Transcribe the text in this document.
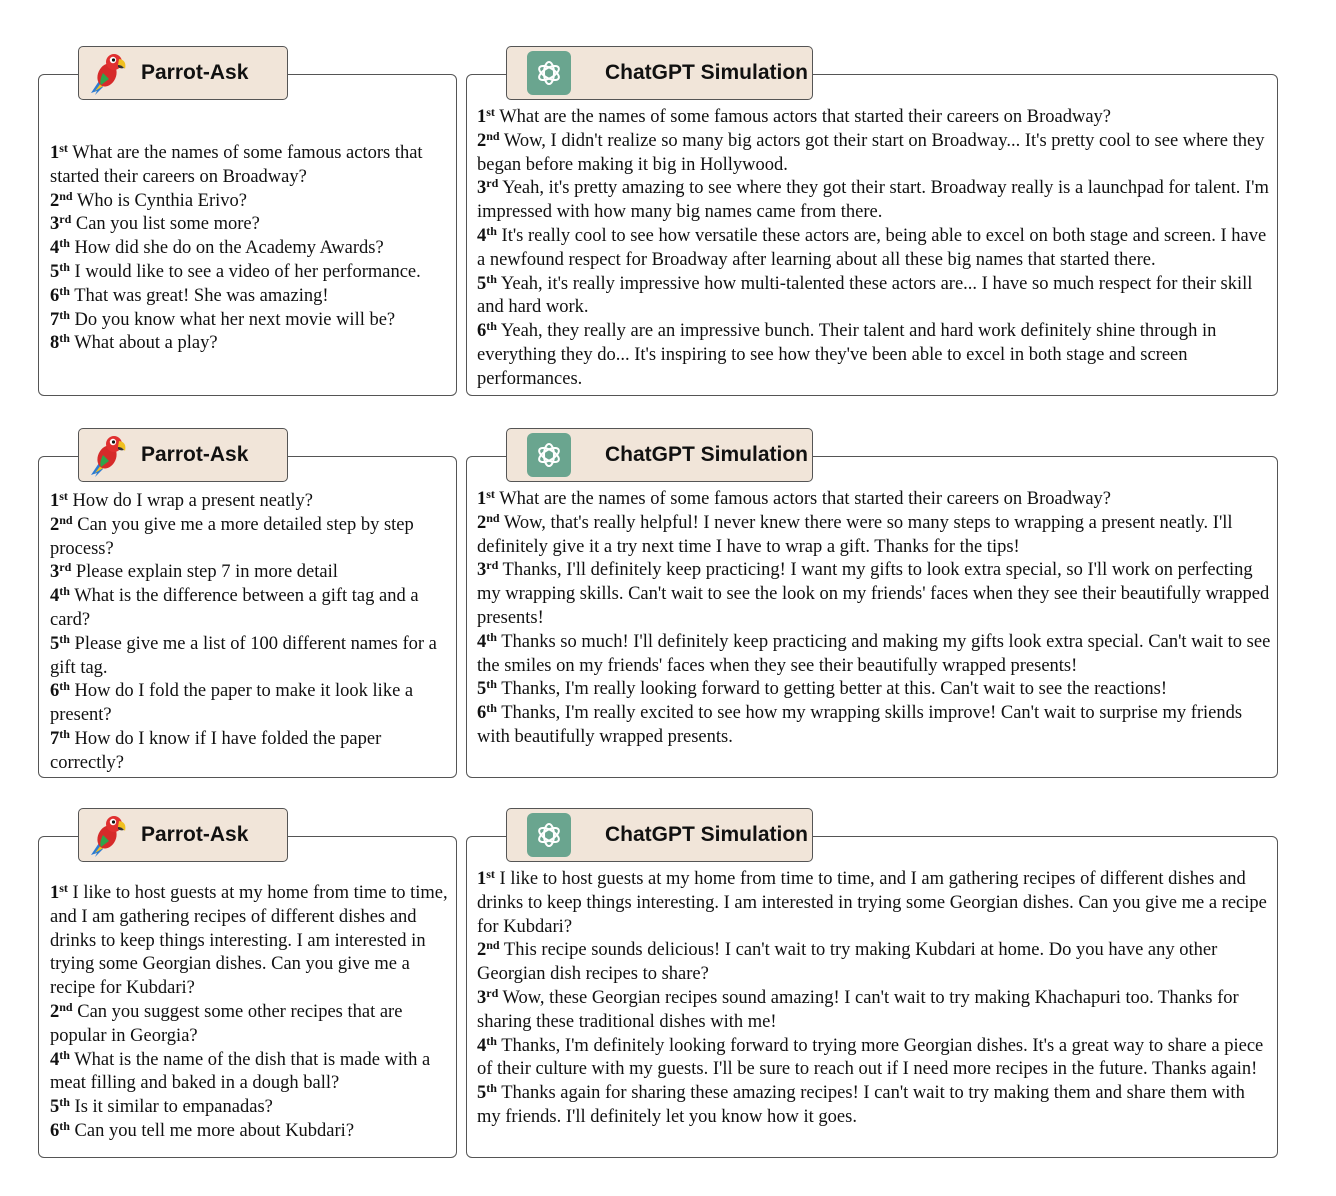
Parrot-Ask

1st What are the names of some famous actors that started their careers on Broadway?

2nd Who is Cynthia Erivo?

3rd Can you list some more?

4th How did she do on the Academy Awards?

5th I would like to see a video of her performance.

6th That was great! She was amazing!

7th Do you know what her next movie will be?

8th What about a play?

ChatGPT Simulation

1st What are the names of some famous actors that started their careers on Broadway?

2nd Wow, I didn't realize so many big actors got their start on Broadway... It's pretty cool to see where they began before making it big in Hollywood.

3rd Yeah, it's pretty amazing to see where they got their start. Broadway really is a launchpad for talent. I'm impressed with how many big names came from there.

4th It's really cool to see how versatile these actors are, being able to excel on both stage and screen. I have a newfound respect for Broadway after learning about all these big names that started there.

5th Yeah, it's really impressive how multi-talented these actors are... I have so much respect for their skill and hard work.

6th Yeah, they really are an impressive bunch. Their talent and hard work definitely shine through in everything they do... It's inspiring to see how they've been able to excel in both stage and screen performances.

Parrot-Ask

1st How do I wrap a present neatly?

2nd Can you give me a more detailed step by step process?

3rd Please explain step 7 in more detail

4th What is the difference between a gift tag and a card?

5th Please give me a list of 100 different names for a gift tag.

6th How do I fold the paper to make it look like a present?

7th How do I know if I have folded the paper correctly?

ChatGPT Simulation

1st What are the names of some famous actors that started their careers on Broadway?

2nd Wow, that's really helpful! I never knew there were so many steps to wrapping a present neatly. I'll definitely give it a try next time I have to wrap a gift. Thanks for the tips!

3rd Thanks, I'll definitely keep practicing! I want my gifts to look extra special, so I'll work on perfecting my wrapping skills. Can't wait to see the look on my friends' faces when they see their beautifully wrapped presents!

4th Thanks so much! I'll definitely keep practicing and making my gifts look extra special. Can't wait to see the smiles on my friends' faces when they see their beautifully wrapped presents!

5th Thanks, I'm really looking forward to getting better at this. Can't wait to see the reactions!

6th Thanks, I'm really excited to see how my wrapping skills improve! Can't wait to surprise my friends with beautifully wrapped presents.

Parrot-Ask

1st I like to host guests at my home from time to time, and I am gathering recipes of different dishes and drinks to keep things interesting. I am interested in trying some Georgian dishes. Can you give me a recipe for Kubdari?

2nd Can you suggest some other recipes that are popular in Georgia?

4th What is the name of the dish that is made with a meat filling and baked in a dough ball?

5th Is it similar to empanadas?

6th Can you tell me more about Kubdari?

ChatGPT Simulation

1st I like to host guests at my home from time to time, and I am gathering recipes of different dishes and drinks to keep things interesting. I am interested in trying some Georgian dishes. Can you give me a recipe for Kubdari?

2nd This recipe sounds delicious! I can't wait to try making Kubdari at home. Do you have any other Georgian dish recipes to share?

3rd Wow, these Georgian recipes sound amazing! I can't wait to try making Khachapuri too. Thanks for sharing these traditional dishes with me!

4th Thanks, I'm definitely looking forward to trying more Georgian dishes. It's a great way to share a piece of their culture with my guests. I'll be sure to reach out if I need more recipes in the future. Thanks again!

5th Thanks again for sharing these amazing recipes! I can't wait to try making them and share them with my friends. I'll definitely let you know how it goes.
